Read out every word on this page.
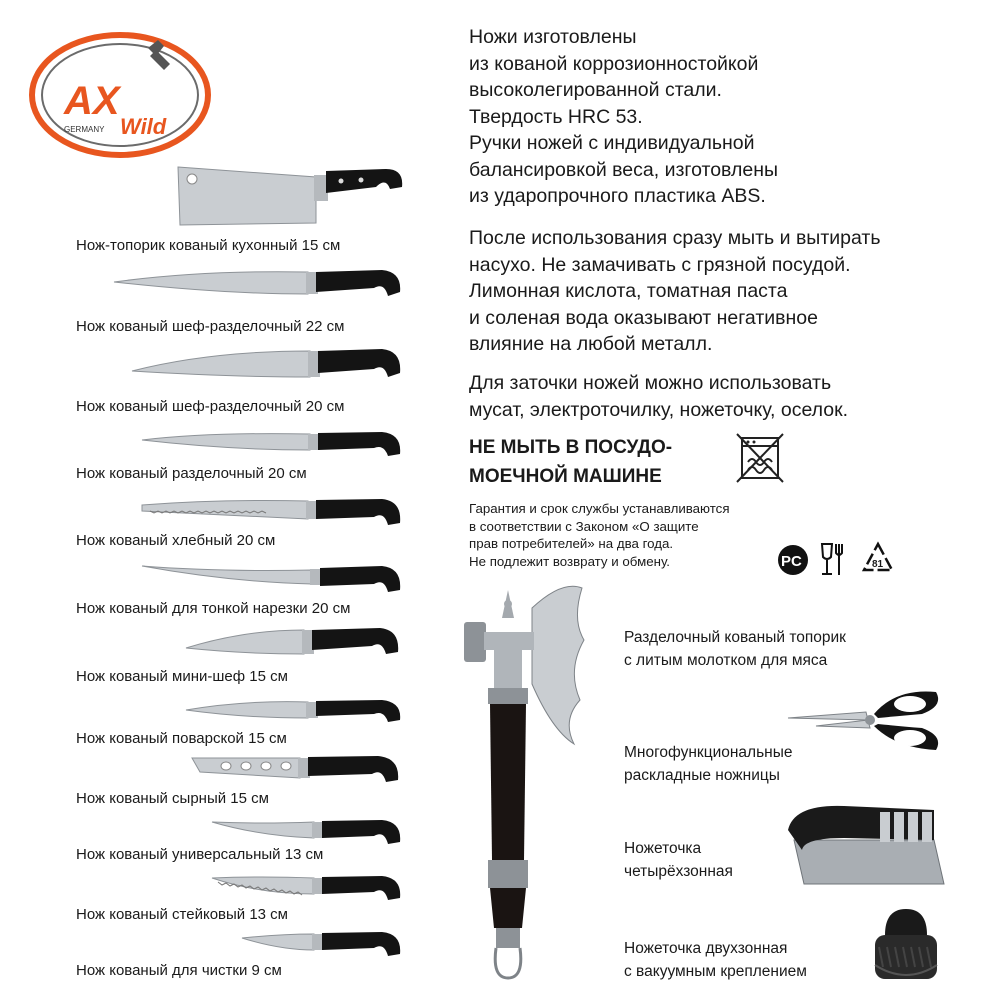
AX
Wild
GERMANY
Нож-топорик кованый кухонный 15 см
Нож кованый шеф-разделочный 22 см
Нож кованый шеф-разделочный 20 см
Нож кованый разделочный 20 см
Нож кованый хлебный 20 см
Нож кованый для тонкой нарезки 20 см
Нож кованый мини-шеф 15 см
Нож кованый поварской 15 см
Нож кованый сырный 15 см
Нож кованый универсальный 13 см
Нож кованый стейковый 13 см
Нож кованый для чистки 9 см
Ножи изготовлены
из кованой коррозионностойкой
высоколегированной стали.
Твердость HRC 53.
Ручки ножей с индивидуальной
балансировкой веса, изготовлены
из ударопрочного пластика ABS.
После использования сразу мыть и вытирать
насухо. Не замачивать с грязной посудой.
Лимонная кислота, томатная паста
и соленая вода оказывают негативное
влияние на любой металл.
Для заточки ножей можно использовать
мусат, электроточилку, ножеточку, оселок.
НЕ МЫТЬ В ПОСУДО-
МОЕЧНОЙ МАШИНЕ
Гарантия и срок службы устанавливаются
в соответствии с Законом «О защите
прав потребителей» на два года.
Не подлежит возврату и обмену.	PC	81
Разделочный кованый топорик
с литым молотком для мяса
Многофункциональные
раскладные ножницы
Ножеточка
четырёхзонная
Ножеточка двухзонная
с вакуумным креплением
